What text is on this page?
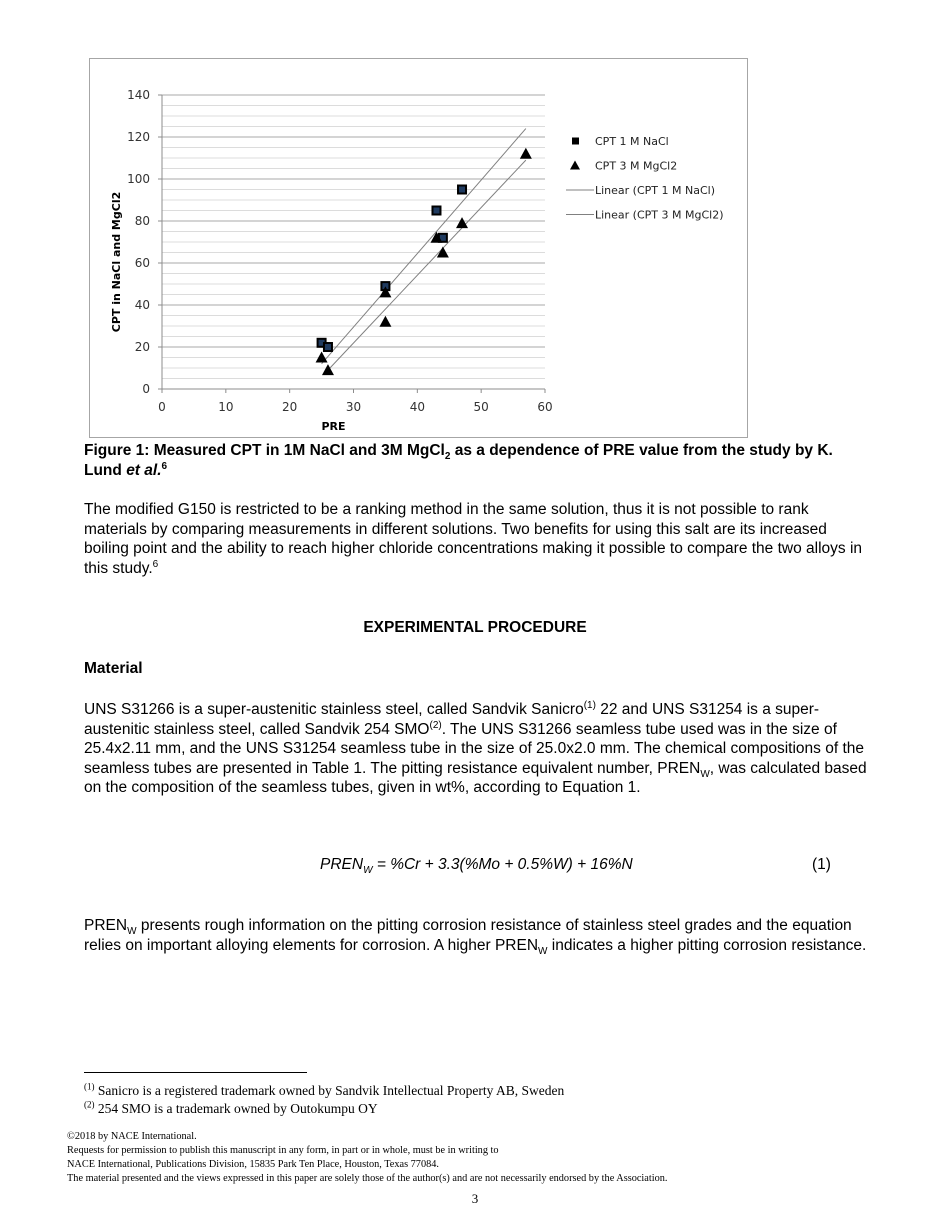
0	10	20	30	40	50	60
0
20
40
60
80
100
120
140
PRE
CPT in NaCl and MgCl2
CPT 1 M NaCl
CPT 3 M MgCl2
Linear (CPT 1 M NaCl)
Linear (CPT 3 M MgCl2)
Figure 1: Measured CPT in 1M NaCl and 3M MgCl$_2$ as a dependence of PRE value from the study by K. Lund et al.$^6$
The modified G150 is restricted to be a ranking method in the same solution, thus it is not possible to rank materials by comparing measurements in different solutions. Two benefits for using this salt are its increased boiling point and the ability to reach higher chloride concentrations making it possible to compare the two alloys in this study.$^6$
EXPERIMENTAL PROCEDURE
Material
UNS S31266 is a super-austenitic stainless steel, called Sandvik Sanicro$^{(1)}$ 22 and UNS S31254 is a super-austenitic stainless steel, called Sandvik 254 SMO$^{(2)}$. The UNS S31266 seamless tube used was in the size of 25.4x2.11 mm, and the UNS S31254 seamless tube in the size of 25.0x2.0 mm. The chemical compositions of the seamless tubes are presented in Table 1. The pitting resistance equivalent number, $PREN_W$, was calculated based on the composition of the seamless tubes, given in wt%, according to Equation 1.
$PREN_W = \%Cr + 3.3(\%Mo + 0.5\%W) + 16\%N$	(1)
$PREN_W$ presents rough information on the pitting corrosion resistance of stainless steel grades and the equation relies on important alloying elements for corrosion. A higher $PREN_W$ indicates a higher pitting corrosion resistance.
$^{(1)}$ Sanicro is a registered trademark owned by Sandvik Intellectual Property AB, Sweden
$^{(2)}$ 254 SMO is a trademark owned by Outokumpu OY
©2018 by NACE International.
Requests for permission to publish this manuscript in any form, in part or in whole, must be in writing to
NACE International, Publications Division, 15835 Park Ten Place, Houston, Texas 77084.
The material presented and the views expressed in this paper are solely those of the author(s) and are not necessarily endorsed by the Association.
3
